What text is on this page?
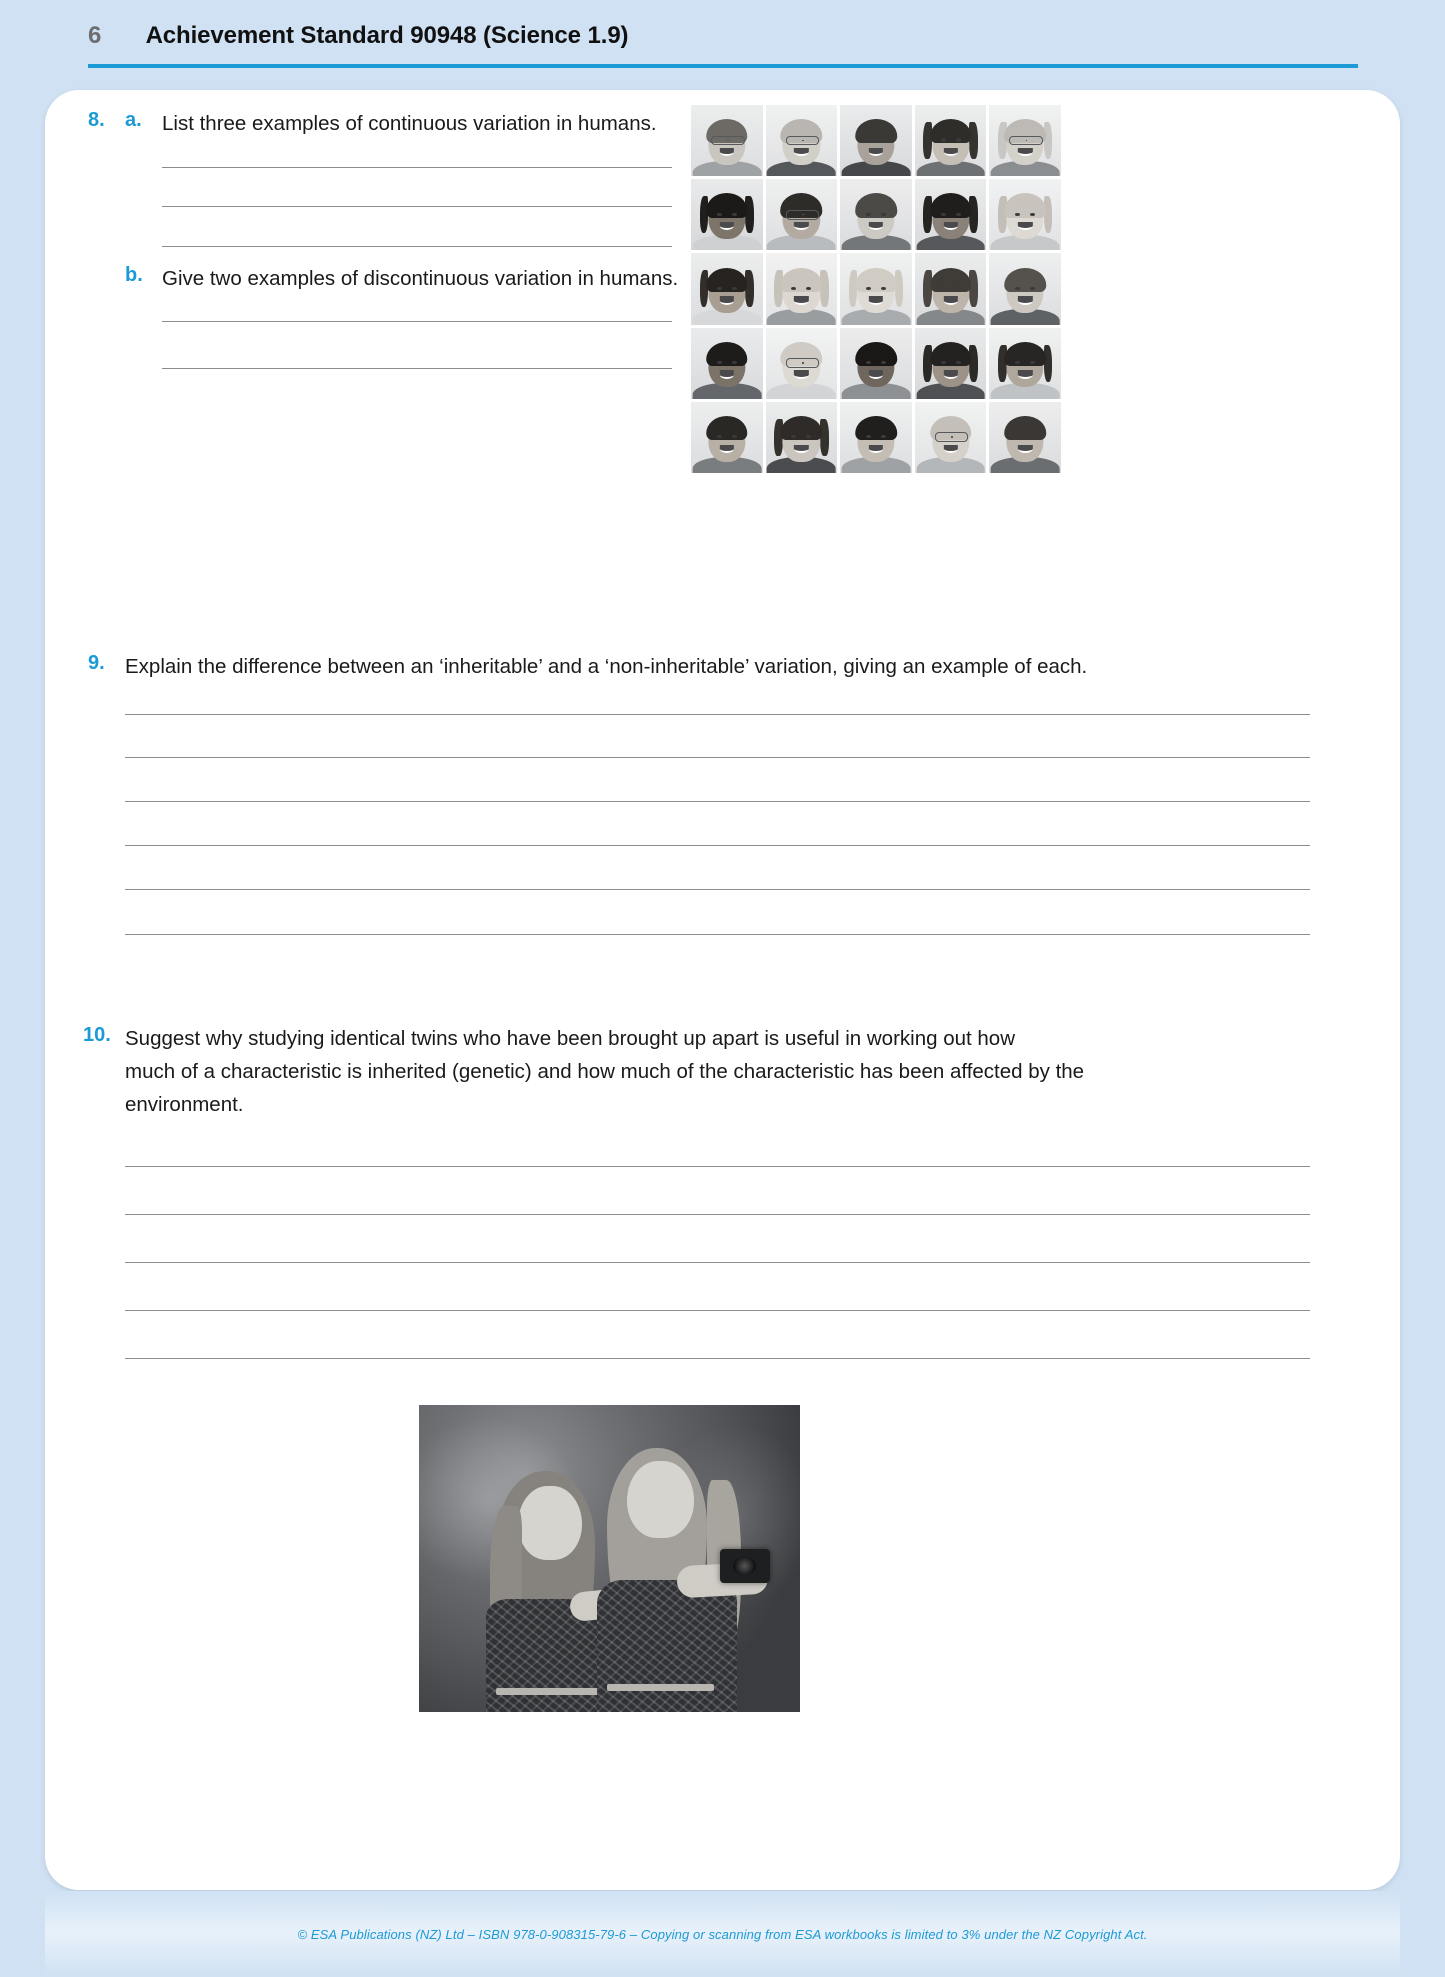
6 Achievement Standard 90948 (Science 1.9)
8. a. List three examples of continuous variation in humans.
b. Give two examples of discontinuous variation in humans.
9. Explain the difference between an ‘inheritable’ and a ‘non-inheritable’ variation, giving an example of each.
10. Suggest why studying identical twins who have been brought up apart is useful in working out how
much of a characteristic is inherited (genetic) and how much of the characteristic has been affected by the
environment.
© ESA Publications (NZ) Ltd – ISBN 978-0-908315-79-6 – Copying or scanning from ESA workbooks is limited to 3% under the NZ Copyright Act.
